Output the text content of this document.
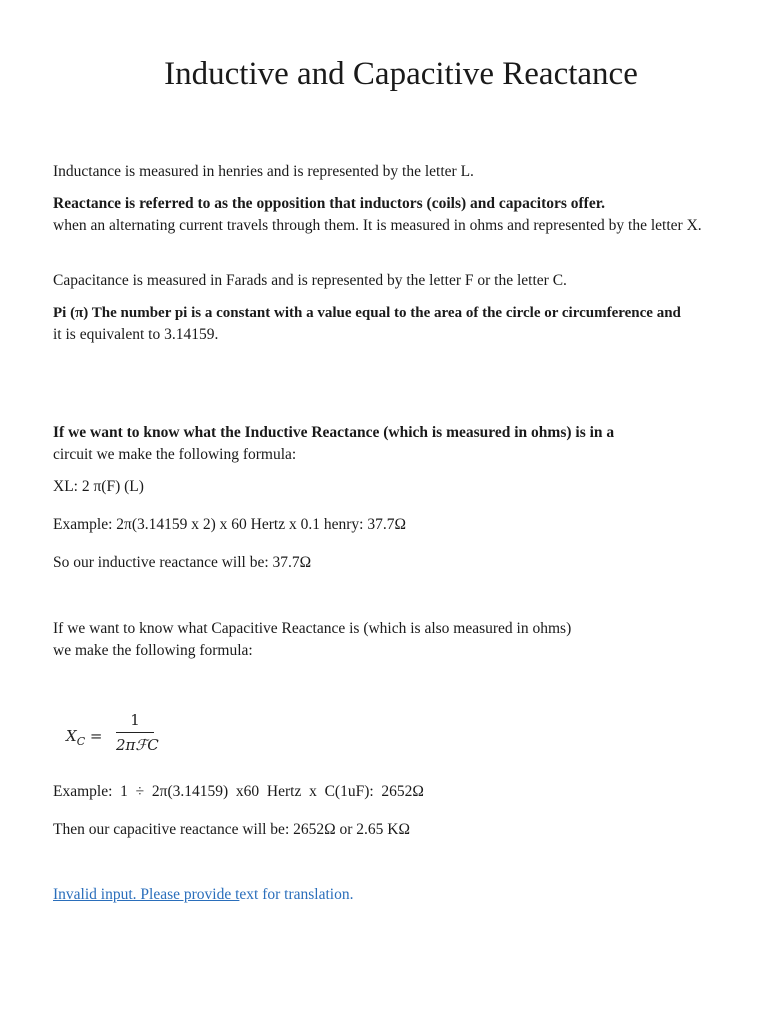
Inductive and Capacitive Reactance

Inductance is measured in henries and is represented by the letter L.

Reactance is referred to as the opposition that inductors (coils) and capacitors offer.
when an alternating current travels through them. It is measured in ohms and represented by the letter X.

Capacitance is measured in Farads and is represented by the letter F or the letter C.

Pi (π) The number pi is a constant with a value equal to the area of the circle or circumference and
it is equivalent to 3.14159.

If we want to know what the Inductive Reactance (which is measured in ohms) is in a
circuit we make the following formula:

XL: 2 π(F) (L)

Example: 2π(3.14159 x 2) x 60 Hertz x 0.1 henry: 37.7Ω

So our inductive reactance will be: 37.7Ω

If we want to know what Capacitive Reactance is (which is also measured in ohms) we make the following formula:

$X_C$ =
1
2πℱC

Example:  1  ÷  2π(3.14159)  x60  Hertz  x  C(1uF):  2652Ω

Then our capacitive reactance will be: 2652Ω or 2.65 KΩ

Invalid input. Please provide text for translation.
